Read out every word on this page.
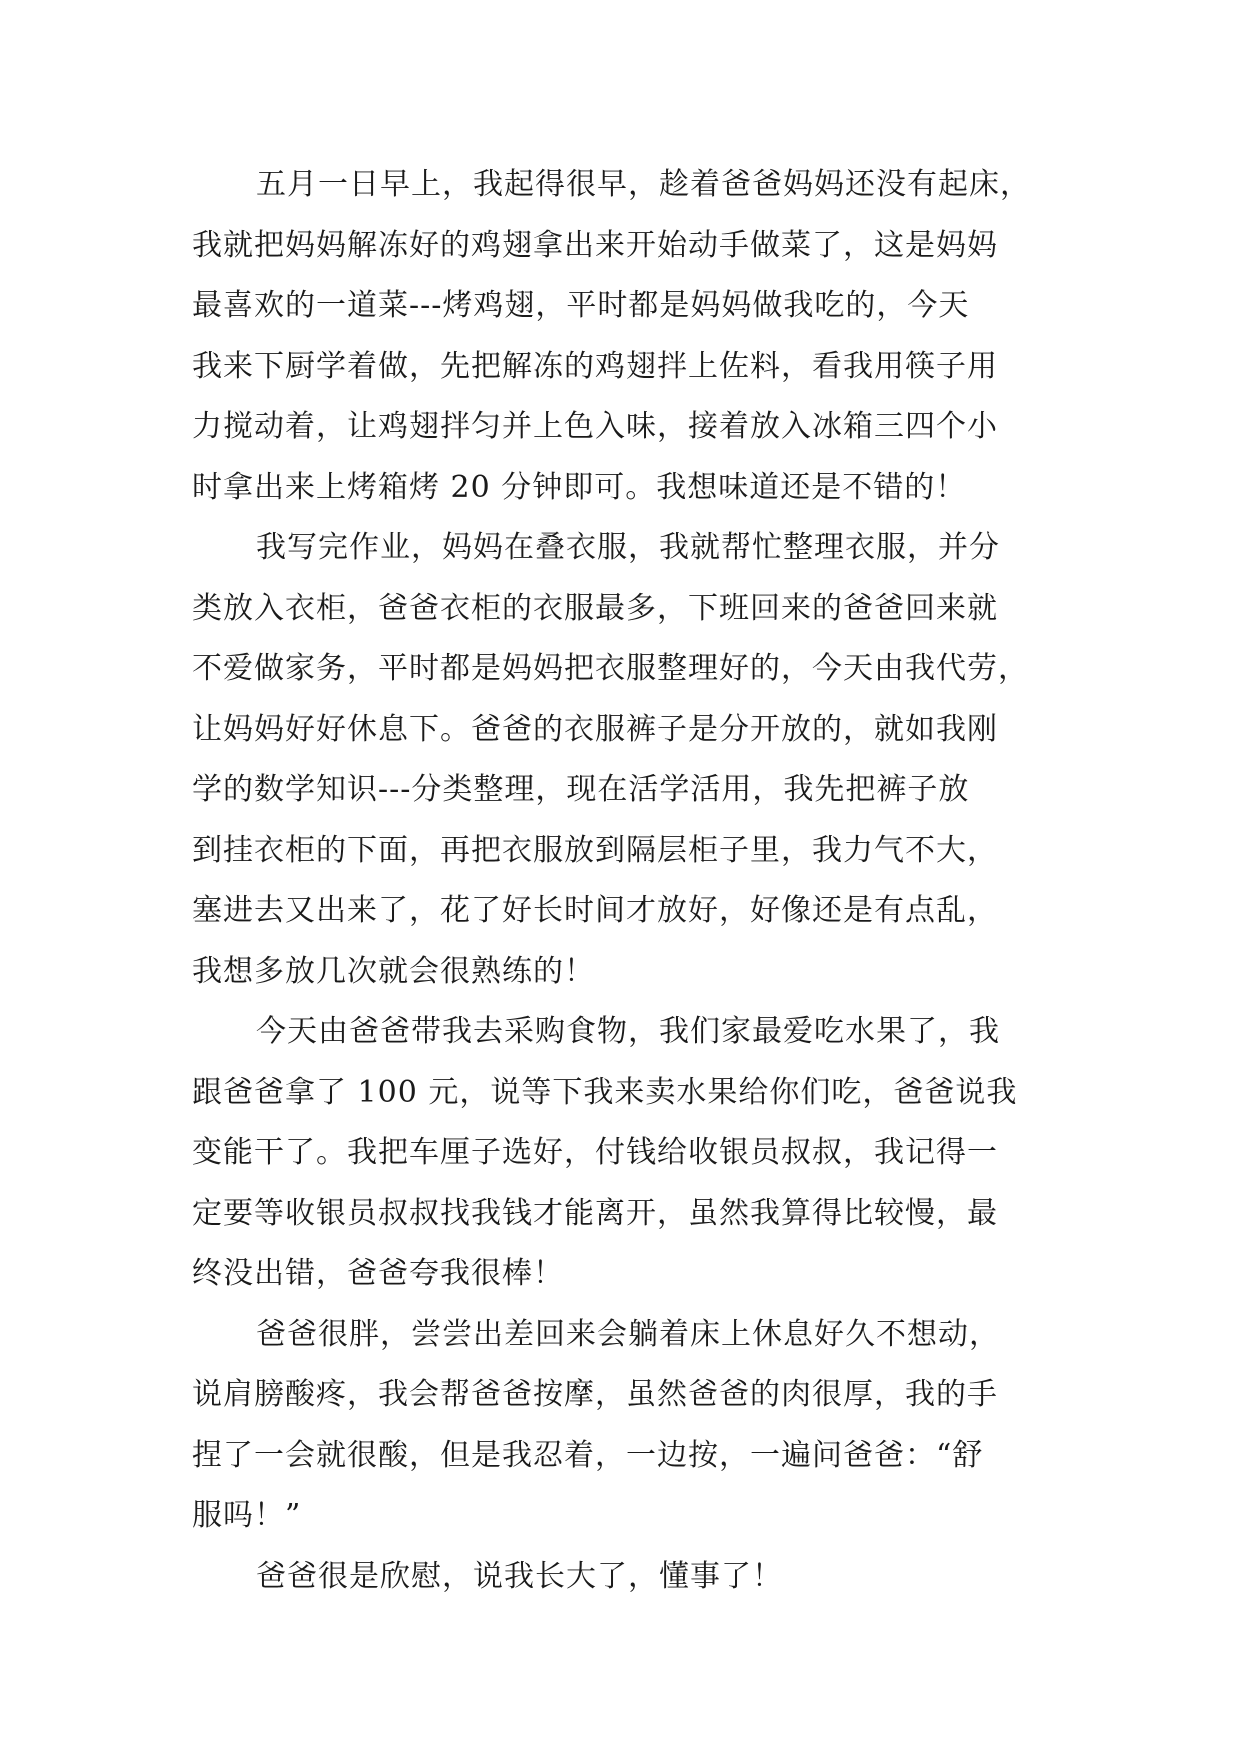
五月一日早上，我起得很早，趁着爸爸妈妈还没有起床，
我就把妈妈解冻好的鸡翅拿出来开始动手做菜了，这是妈妈
最喜欢的一道菜---烤鸡翅，平时都是妈妈做我吃的，今天
我来下厨学着做，先把解冻的鸡翅拌上佐料，看我用筷子用
力搅动着，让鸡翅拌匀并上色入味，接着放入冰箱三四个小
时拿出来上烤箱烤 20 分钟即可。我想味道还是不错的！

我写完作业，妈妈在叠衣服，我就帮忙整理衣服，并分
类放入衣柜，爸爸衣柜的衣服最多，下班回来的爸爸回来就
不爱做家务，平时都是妈妈把衣服整理好的，今天由我代劳，
让妈妈好好休息下。爸爸的衣服裤子是分开放的，就如我刚
学的数学知识---分类整理，现在活学活用，我先把裤子放
到挂衣柜的下面，再把衣服放到隔层柜子里，我力气不大，
塞进去又出来了，花了好长时间才放好，好像还是有点乱，
我想多放几次就会很熟练的！

今天由爸爸带我去采购食物，我们家最爱吃水果了，我
跟爸爸拿了 100 元，说等下我来卖水果给你们吃，爸爸说我
变能干了。我把车厘子选好，付钱给收银员叔叔，我记得一
定要等收银员叔叔找我钱才能离开，虽然我算得比较慢，最
终没出错，爸爸夸我很棒！

爸爸很胖，尝尝出差回来会躺着床上休息好久不想动，
说肩膀酸疼，我会帮爸爸按摩，虽然爸爸的肉很厚，我的手
捏了一会就很酸，但是我忍着，一边按，一遍问爸爸：“舒
服吗！”

爸爸很是欣慰，说我长大了，懂事了！
